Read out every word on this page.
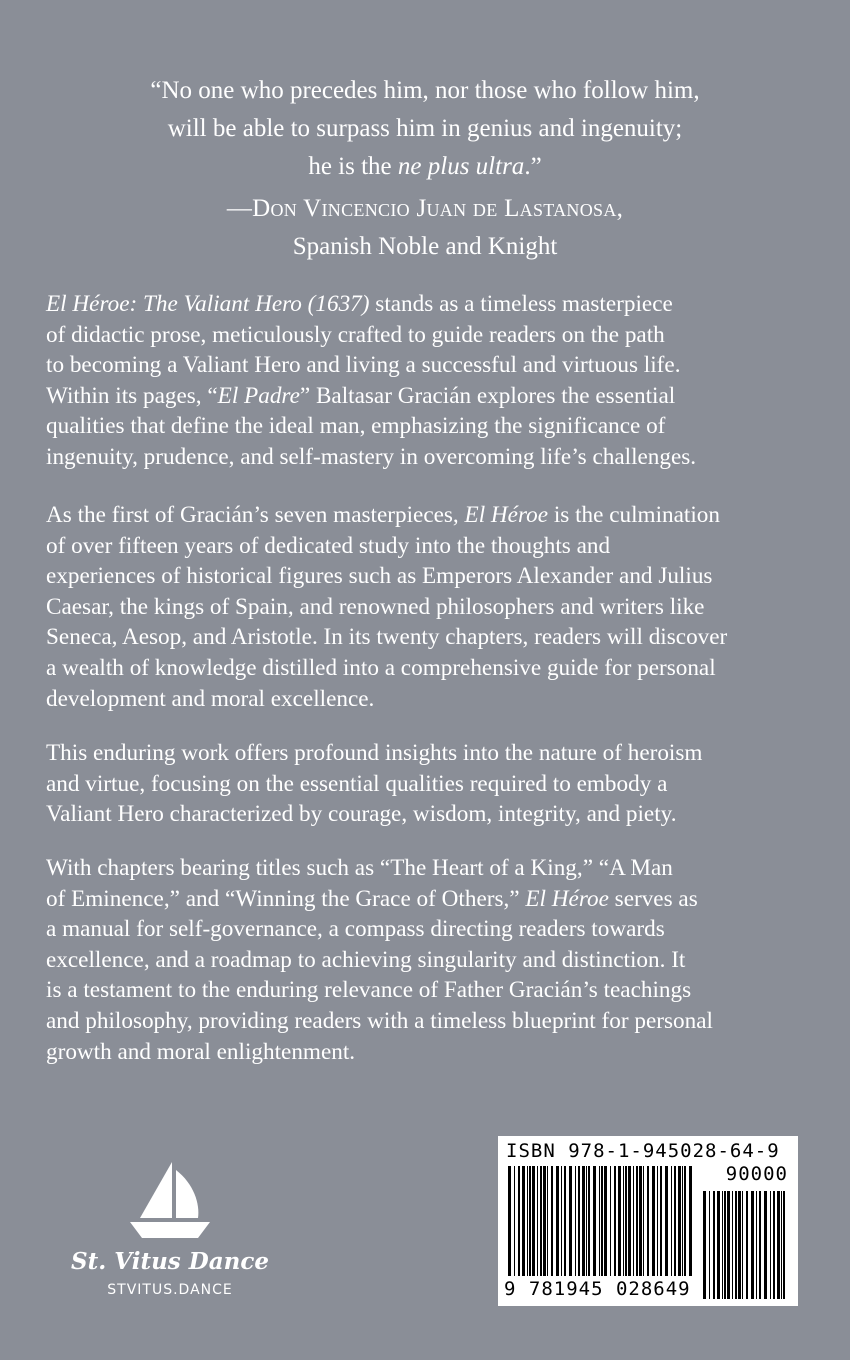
“No one who precedes him, nor those who follow him,
will be able to surpass him in genius and ingenuity;
he is the ne plus ultra.”
—Don Vincencio Juan de Lastanosa,
Spanish Noble and Knight
El Héroe: The Valiant Hero (1637) stands as a timeless masterpiece
of didactic prose, meticulously crafted to guide readers on the path
to becoming a Valiant Hero and living a successful and virtuous life.
Within its pages, “El Padre” Baltasar Gracián explores the essential
qualities that define the ideal man, emphasizing the significance of
ingenuity, prudence, and self-mastery in overcoming life’s challenges.
As the first of Gracián’s seven masterpieces, El Héroe is the culmination
of over fifteen years of dedicated study into the thoughts and
experiences of historical figures such as Emperors Alexander and Julius
Caesar, the kings of Spain, and renowned philosophers and writers like
Seneca, Aesop, and Aristotle. In its twenty chapters, readers will discover
a wealth of knowledge distilled into a comprehensive guide for personal
development and moral excellence.
This enduring work offers profound insights into the nature of heroism
and virtue, focusing on the essential qualities required to embody a
Valiant Hero characterized by courage, wisdom, integrity, and piety.
With chapters bearing titles such as “The Heart of a King,” “A Man
of Eminence,” and “Winning the Grace of Others,” El Héroe serves as
a manual for self-governance, a compass directing readers towards
excellence, and a roadmap to achieving singularity and distinction. It
is a testament to the enduring relevance of Father Gracián’s teachings
and philosophy, providing readers with a timeless blueprint for personal
growth and moral enlightenment.
St. Vitus Dance
STVITUS.DANCE
ISBN 978-1-945028-64-9
90000
9 781945 028649
